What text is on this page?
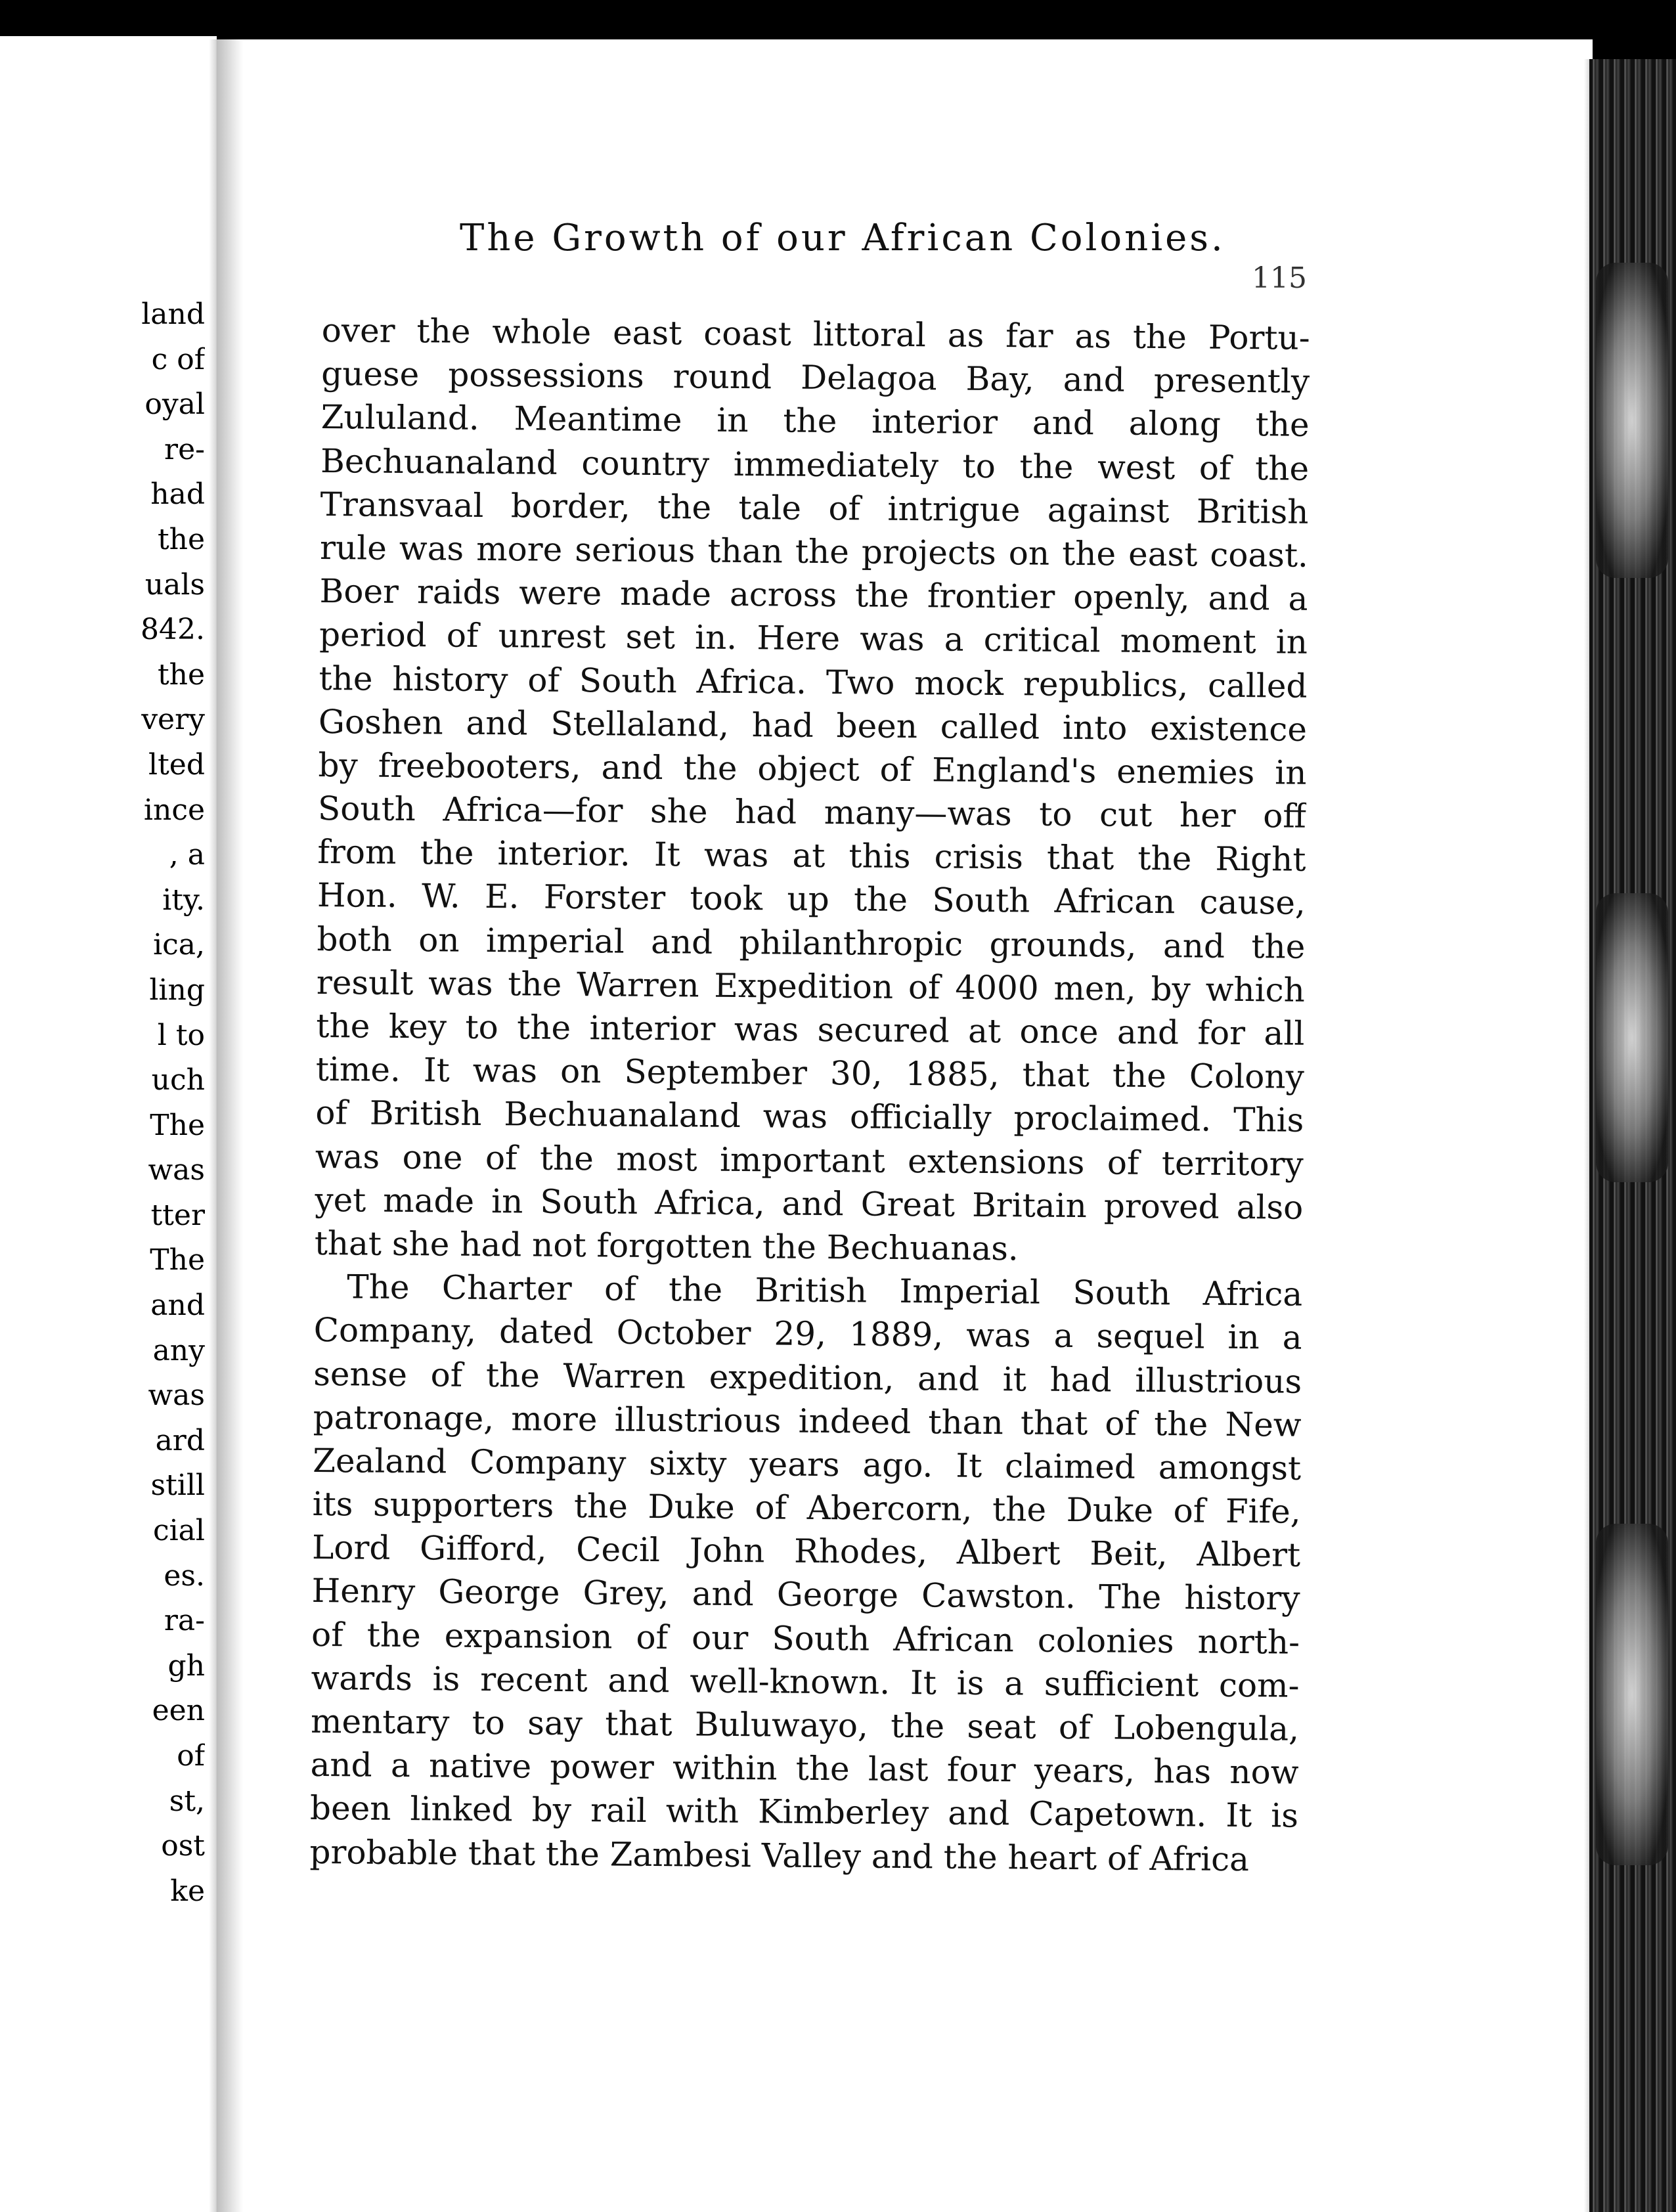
land
c of
oyal
re-
had
the
uals
842.
the
very
lted
ince
, a
ity.
ica,
ling
l to
uch
The
was
tter
The
and
any
was
ard
still
cial
es.
ra-
gh
een
of
st,
ost
ke
The Growth of our African Colonies.
115
over the whole east coast littoral as far as the Portu-
guese possessions round Delagoa Bay, and presently
Zululand. Meantime in the interior and along the
Bechuanaland country immediately to the west of the
Transvaal border, the tale of intrigue against British
rule was more serious than the projects on the east coast.
Boer raids were made across the frontier openly, and a
period of unrest set in. Here was a critical moment in
the history of South Africa. Two mock republics, called
Goshen and Stellaland, had been called into existence
by freebooters, and the object of England's enemies in
South Africa—for she had many—was to cut her off
from the interior. It was at this crisis that the Right
Hon. W. E. Forster took up the South African cause,
both on imperial and philanthropic grounds, and the
result was the Warren Expedition of 4000 men, by which
the key to the interior was secured at once and for all
time. It was on September 30, 1885, that the Colony
of British Bechuanaland was officially proclaimed. This
was one of the most important extensions of territory
yet made in South Africa, and Great Britain proved also
that she had not forgotten the Bechuanas.
The Charter of the British Imperial South Africa
Company, dated October 29, 1889, was a sequel in a
sense of the Warren expedition, and it had illustrious
patronage, more illustrious indeed than that of the New
Zealand Company sixty years ago. It claimed amongst
its supporters the Duke of Abercorn, the Duke of Fife,
Lord Gifford, Cecil John Rhodes, Albert Beit, Albert
Henry George Grey, and George Cawston. The history
of the expansion of our South African colonies north-
wards is recent and well-known. It is a sufficient com-
mentary to say that Buluwayo, the seat of Lobengula,
and a native power within the last four years, has now
been linked by rail with Kimberley and Capetown. It is
probable that the Zambesi Valley and the heart of Africa
